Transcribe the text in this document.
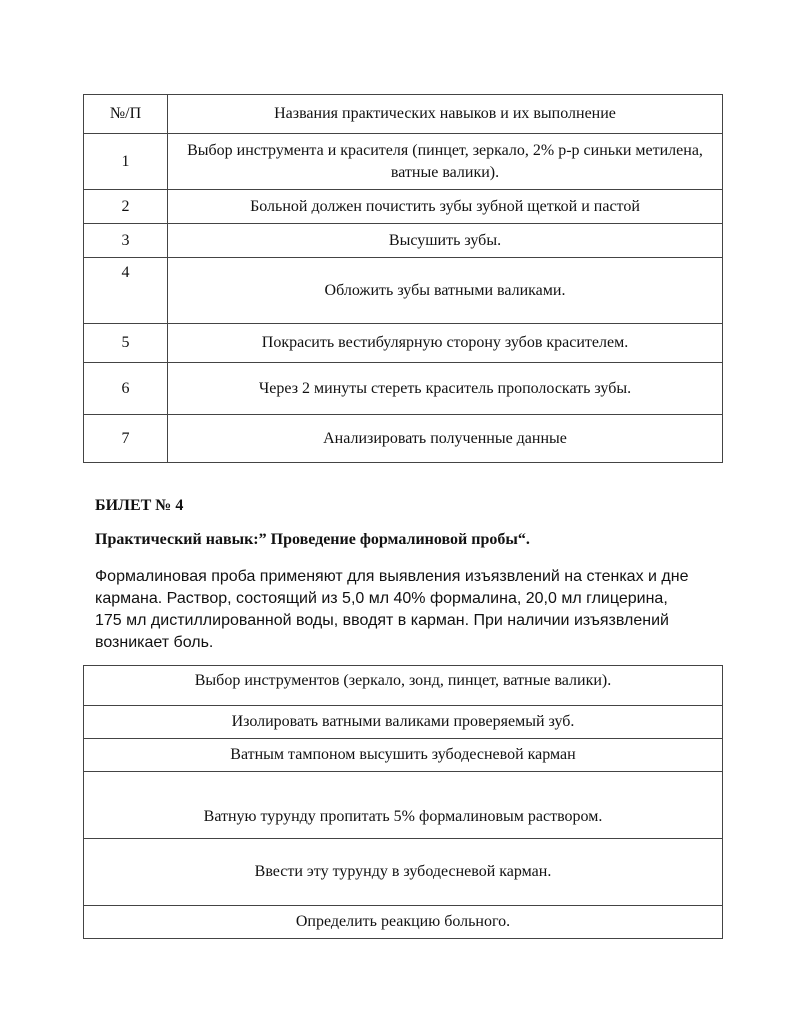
№/П	Названия практических навыков и их выполнение
1	Выбор инструмента и красителя (пинцет, зеркало, 2% р-р синьки метилена, ватные валики).
2	Больной должен почистить зубы зубной щеткой и пастой
3	Высушить зубы.
4	Обложить зубы ватными валиками.
5	Покрасить вестибулярную сторону зубов красителем.
6	Через 2 минуты стереть краситель прополоскать зубы.
7	Анализировать полученные данные
БИЛЕТ № 4
Практический навык:” Проведение формалиновой пробы“.
Формалиновая проба применяют для выявления изъязвлений на стенках и дне кармана. Раствор, состоящий из 5,0 мл 40% формалина, 20,0 мл глицерина, 175 мл дистиллированной воды, вводят в карман. При наличии изъязвлений возникает боль.
Выбор инструментов (зеркало, зонд, пинцет, ватные валики).
Изолировать ватными валиками проверяемый зуб.
Ватным тампоном высушить зубодесневой карман
Ватную турунду пропитать 5% формалиновым раствором.
Ввести эту турунду в зубодесневой карман.
Определить реакцию больного.
